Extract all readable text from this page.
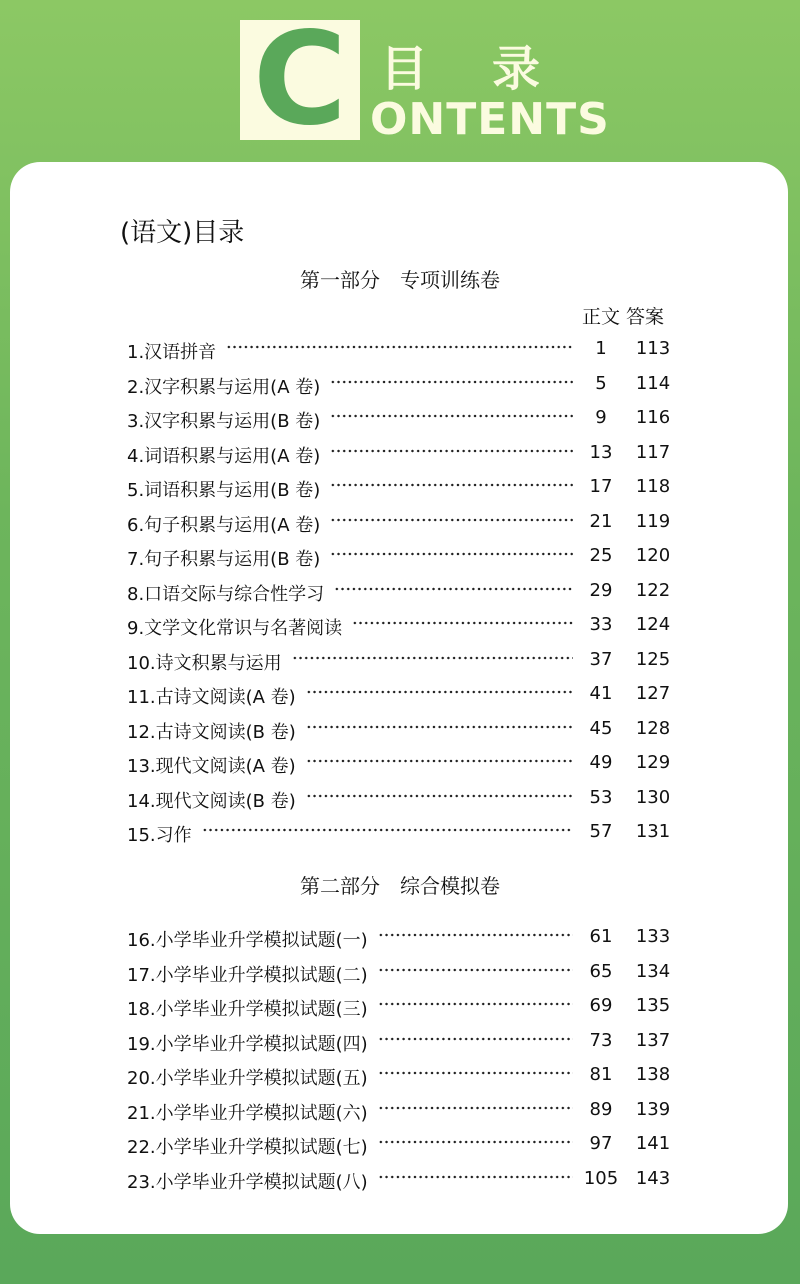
C 目录
ONTENTS
(语文)目录
第一部分　专项训练卷
正文 答案
1.汉语拼音	1	113
2.汉字积累与运用(A 卷)	5	114
3.汉字积累与运用(B 卷)	9	116
4.词语积累与运用(A 卷)	13	117
5.词语积累与运用(B 卷)	17	118
6.句子积累与运用(A 卷)	21	119
7.句子积累与运用(B 卷)	25	120
8.口语交际与综合性学习	29	122
9.文学文化常识与名著阅读	33	124
10.诗文积累与运用	37	125
11.古诗文阅读(A 卷)	41	127
12.古诗文阅读(B 卷)	45	128
13.现代文阅读(A 卷)	49	129
14.现代文阅读(B 卷)	53	130
15.习作	57	131
第二部分　综合模拟卷
16.小学毕业升学模拟试题(一)	61	133
17.小学毕业升学模拟试题(二)	65	134
18.小学毕业升学模拟试题(三)	69	135
19.小学毕业升学模拟试题(四)	73	137
20.小学毕业升学模拟试题(五)	81	138
21.小学毕业升学模拟试题(六)	89	139
22.小学毕业升学模拟试题(七)	97	141
23.小学毕业升学模拟试题(八)	105 143
